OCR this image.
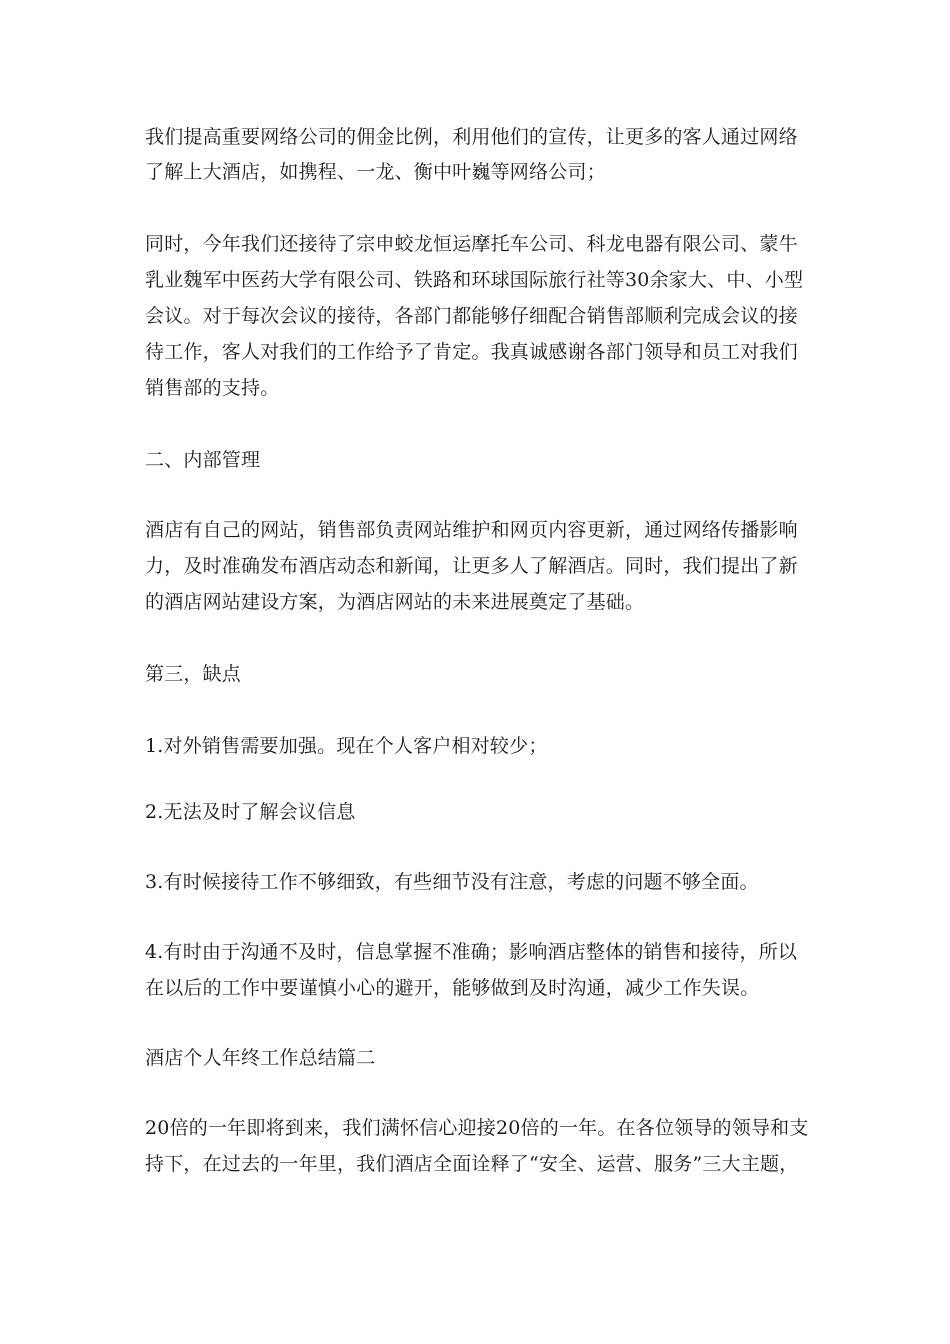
我们提高重要网络公司的佣金比例，利用他们的宣传，让更多的客人通过网络
了解上大酒店，如携程、一龙、衡中叶巍等网络公司；
同时，今年我们还接待了宗申蛟龙恒运摩托车公司、科龙电器有限公司、蒙牛
乳业魏军中医药大学有限公司、铁路和环球国际旅行社等30余家大、中、小型
会议。对于每次会议的接待，各部门都能够仔细配合销售部顺利完成会议的接
待工作，客人对我们的工作给予了肯定。我真诚感谢各部门领导和员工对我们
销售部的支持。
二、内部管理
酒店有自己的网站，销售部负责网站维护和网页内容更新，通过网络传播影响
力，及时准确发布酒店动态和新闻，让更多人了解酒店。同时，我们提出了新
的酒店网站建设方案，为酒店网站的未来进展奠定了基础。
第三，缺点
1.对外销售需要加强。现在个人客户相对较少；
2.无法及时了解会议信息
3.有时候接待工作不够细致，有些细节没有注意，考虑的问题不够全面。
4.有时由于沟通不及时，信息掌握不准确；影响酒店整体的销售和接待，所以
在以后的工作中要谨慎小心的避开，能够做到及时沟通，减少工作失误。
酒店个人年终工作总结篇二
20倍的一年即将到来，我们满怀信心迎接20倍的一年。在各位领导的领导和支
持下，在过去的一年里，我们酒店全面诠释了“安全、运营、服务”三大主题，
